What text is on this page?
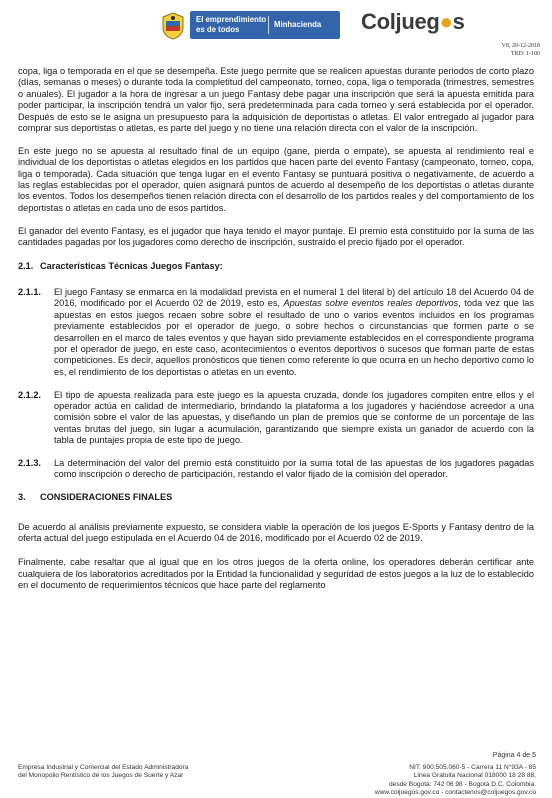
El emprendimiento
es de todos	Minhacienda Coljueg●s
V8, 20-12-2018
TRD: 1-100

copa, liga o temporada en el que se desempeña. Este juego permite que se realicen apuestas durante periodos de corto plazo (días, semanas o meses) o durante toda la completitud del campeonato, torneo, copa, liga o temporada (trimestres, semestres o anuales). El jugador a la hora de ingresar a un juego Fantasy debe pagar una inscripción que será la apuesta emitida para poder participar, la inscripción tendrá un valor fijo, será predeterminada para cada torneo y será establecida por el operador. Después de esto se le asigna un presupuesto para la adquisición de deportistas o atletas. El valor entregado al jugador para comprar sus deportistas o atletas, es parte del juego y no tiene una relación directa con el valor de la inscripción.

En este juego no se apuesta al resultado final de un equipo (gane, pierda o empate), se apuesta al rendimiento real e individual de los deportistas o atletas elegidos en los partidos que hacen parte del evento Fantasy (campeonato, torneo, copa, liga o temporada). Cada situación que tenga lugar en el evento Fantasy se puntuará positiva o negativamente, de acuerdo a las reglas establecidas por el operador, quien asignará puntos de acuerdo al desempeño de los deportistas o atletas durante los eventos. Todos los desempeños tienen relación directa con el desarrollo de los partidos reales y del comportamiento de los deportistas o atletas en cada uno de esos partidos.

El ganador del evento Fantasy, es el jugador que haya tenido el mayor puntaje. El premio está constituido por la suma de las cantidades pagadas por los jugadores como derecho de inscripción, sustraído el precio fijado por el operador.

2.1. Características Técnicas Juegos Fantasy:
2.1.1.	El juego Fantasy se enmarca en la modalidad prevista en el numeral 1 del literal b) del artículo 18 del Acuerdo 04 de 2016, modificado por el Acuerdo 02 de 2019, esto es, Apuestas sobre eventos reales deportivos, toda vez que las apuestas en estos juegos recaen sobre sobre el resultado de uno o varios eventos incluidos en los programas previamente establecidos por el operador de juego, o sobre hechos o circunstancias que formen parte o se desarrollen en el marco de tales eventos y que hayan sido previamente establecidos en el correspondiente programa por el operador de juego, en este caso, acontecimientos o eventos deportivos o sucesos que forman parte de estas competiciones. Es decir, aquellos pronósticos que tienen como referente lo que ocurra en un hecho deportivo como lo es, el rendimiento de los deportistas o atletas en un evento.
2.1.2.	El tipo de apuesta realizada para este juego es la apuesta cruzada, donde los jugadores compiten entre ellos y el operador actúa en calidad de intermediario, brindando la plataforma a los jugadores y haciéndose acreedor a una comisión sobre el valor de las apuestas, y diseñando un plan de premios que se conforme de un porcentaje de las ventas brutas del juego, sin lugar a acumulación, garantizando que siempre exista un ganador de acuerdo con la tabla de puntajes propia de este tipo de juego.
2.1.3.	La determinación del valor del premio está constituido por la suma total de las apuestas de los jugadores pagadas como inscripción o derecho de participación, restando el valor fijado de la comisión del operador.
3.	CONSIDERACIONES FINALES

De acuerdo al análisis previamente expuesto, se considera viable la operación de los juegos E-Sports y Fantasy dentro de la oferta actual del juego estipulada en el Acuerdo 04 de 2016, modificado por el Acuerdo 02 de 2019.

Finalmente, cabe resaltar que al igual que en los otros juegos de la oferta online, los operadores deberán certificar ante cualquiera de los laboratorios acreditados por la Entidad la funcionalidad y seguridad de estos juegos a la luz de lo establecido en el documento de requerimientos técnicos que hace parte del reglamento

Página 4 de 5
Empresa Industrial y Comercial del Estado Administradora
del Monopolio Rentístico de los Juegos de Suerte y Azar
NIT: 900.505.060-5 - Carrera 11 N°93A - 85
Línea Gratuita Nacional 018000 18 28 88,
desde Bogotá: 742 06 98 - Bogotá D.C. Colombia.
www.coljuegos.gov.co - contactenos@coljuegos.gov.co
